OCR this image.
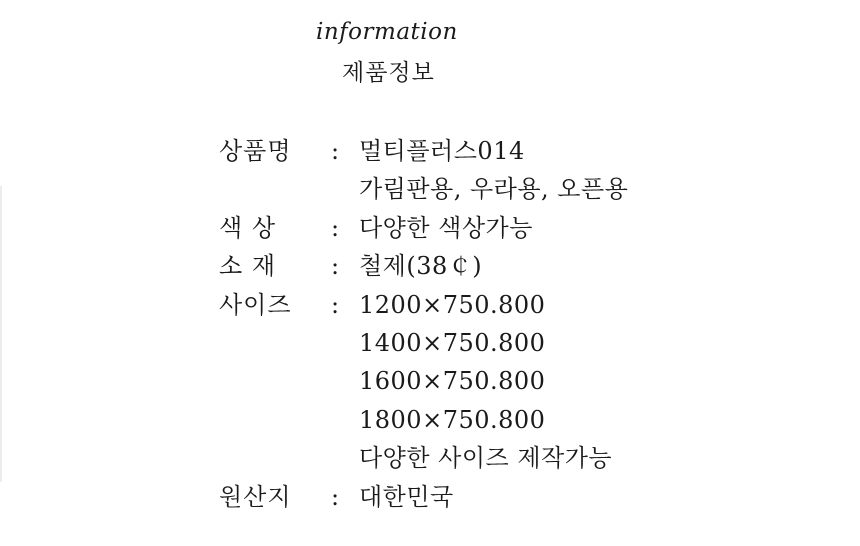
information
제품정보
상품명	: 멀티플러스014
가림판용, 우라용, 오픈용
색 상	: 다양한 색상가능
소 재	: 철제(38￠)
사이즈	: 1200×750.800
1400×750.800
1600×750.800
1800×750.800
다양한 사이즈 제작가능
원산지	: 대한민국
